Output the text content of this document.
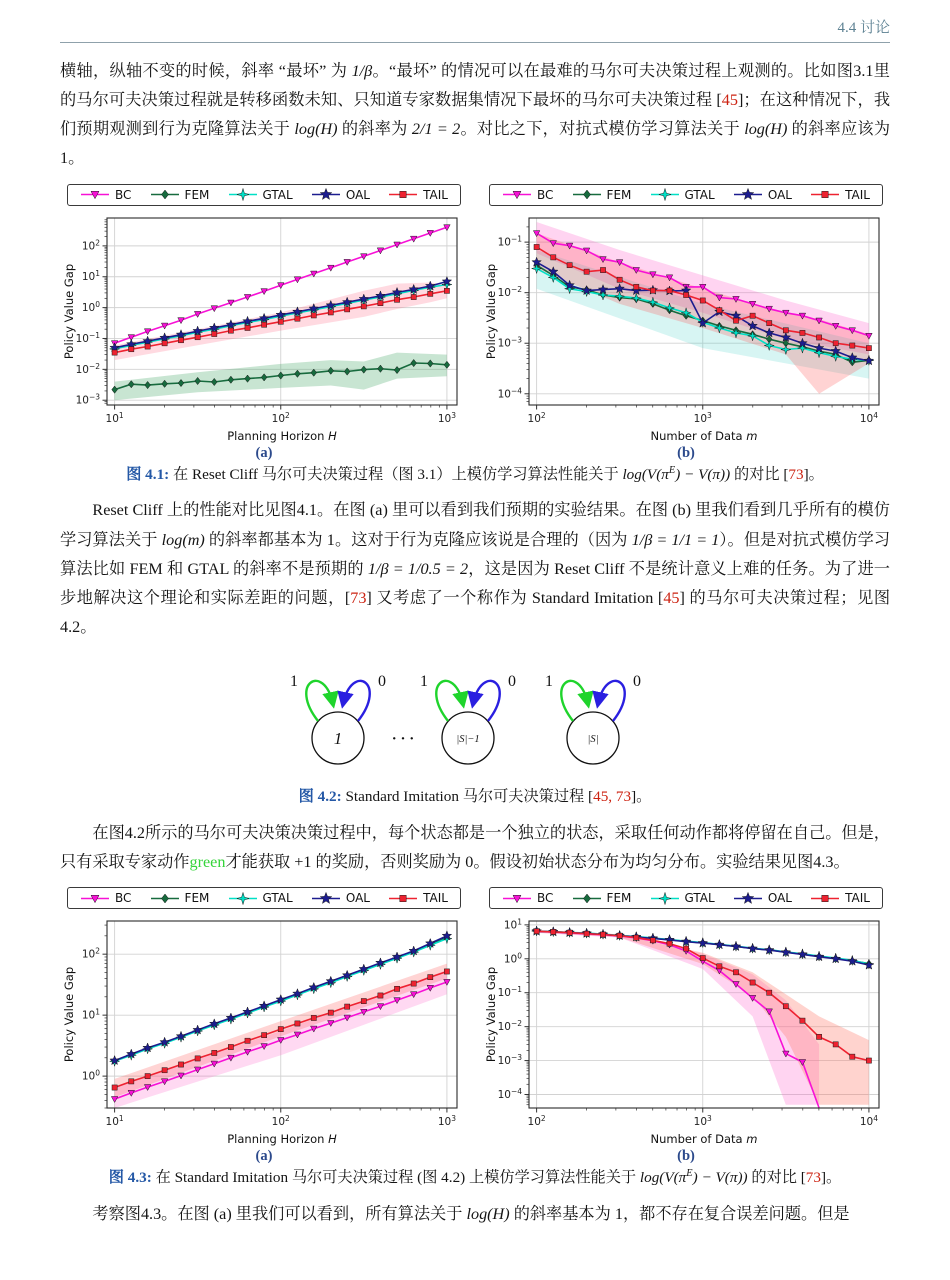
4.4 讨论

横轴，纵轴不变的时候，斜率 “最坏” 为 1/β。“最坏” 的情况可以在最难的马尔可夫决策过程上观测的。比如图3.1里的马尔可夫决策过程就是转移函数未知、只知道专家数据集情况下最坏的马尔可夫决策过程 [45]；在这种情况下，我们预期观测到行为克隆算法关于 log(H) 的斜率为 2/1 = 2。对比之下，对抗式模仿学习算法关于 log(H) 的斜率应该为 1。

BC	FEM	GTAL	OAL	TAIL
$10^1$	$10^2$	$10^3$
$10^{-3}$
$10^{-2}$
$10^{-1}$
$10^0$
$10^1$
$10^2$
Planning Horizon H
Policy Value Gap
(a)
BC	FEM	GTAL	OAL	TAIL
$10^2$	$10^3$	$10^4$
$10^{-4}$
$10^{-3}$
$10^{-2}$
$10^{-1}$
Number of Data m
Policy Value Gap
(b)
图 4.1: 在 Reset Cliff 马尔可夫决策过程（图 3.1）上模仿学习算法性能关于 $\log(V(\pi^E) - V(\pi))$ 的对比 [73]。

Reset Cliff 上的性能对比见图4.1。在图 (a) 里可以看到我们预期的实验结果。在图 (b) 里我们看到几乎所有的模仿学习算法关于 log(m) 的斜率都基本为 1。这对于行为克隆应该说是合理的（因为 1/β = 1/1 = 1）。但是对抗式模仿学习算法比如 FEM 和 GTAL 的斜率不是预期的 1/β = 1/0.5 = 2，这是因为 Reset Cliff 不是统计意义上难的任务。为了进一步地解决这个理论和实际差距的问题，[73] 又考虑了一个称作为 Standard Imitation [45] 的马尔可夫决策过程；见图4.2。

1
1	0
|S|−1
1	0
|S|
1	0
· · ·
图 4.2: Standard Imitation 马尔可夫决策过程 [45, 73]。

在图4.2所示的马尔可夫决策决策过程中，每个状态都是一个独立的状态，采取任何动作都将停留在自己。但是，只有采取专家动作green才能获取 +1 的奖励，否则奖励为 0。假设初始状态分布为均匀分布。实验结果见图4.3。

BC	FEM	GTAL	OAL	TAIL
$10^1$	$10^2$	$10^3$
$10^0$
$10^1$
$10^2$
Planning Horizon H
Policy Value Gap
(a)
BC	FEM	GTAL	OAL	TAIL
$10^2$	$10^3$	$10^4$
$10^{-4}$
$10^{-3}$
$10^{-2}$
$10^{-1}$
$10^0$
$10^1$
Number of Data m
Policy Value Gap
(b)
图 4.3: 在 Standard Imitation 马尔可夫决策过程 (图 4.2) 上模仿学习算法性能关于 $\log(V(\pi^E) - V(\pi))$ 的对比 [73]。

考察图4.3。在图 (a) 里我们可以看到，所有算法关于 log(H) 的斜率基本为 1，都不存在复合误差问题。但是
